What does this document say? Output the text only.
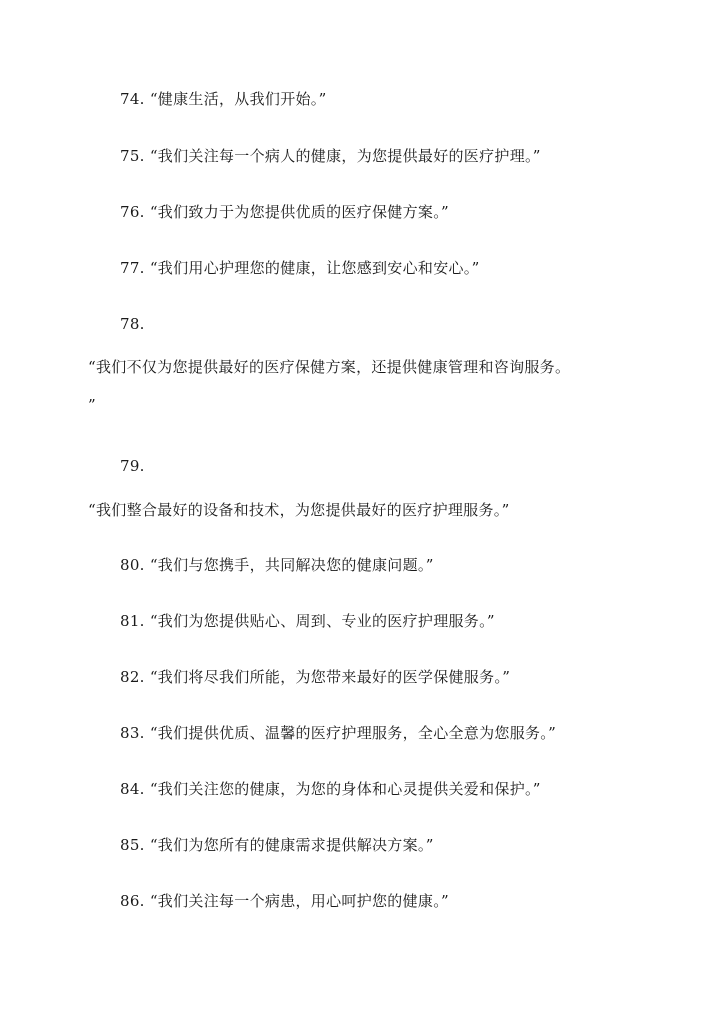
74. “健康生活，从我们开始。”
75. “我们关注每一个病人的健康，为您提供最好的医疗护理。”
76. “我们致力于为您提供优质的医疗保健方案。”
77. “我们用心护理您的健康，让您感到安心和安心。”
78.
“我们不仅为您提供最好的医疗保健方案，还提供健康管理和咨询服务。
”
79.
“我们整合最好的设备和技术，为您提供最好的医疗护理服务。”
80. “我们与您携手，共同解决您的健康问题。”
81. “我们为您提供贴心、周到、专业的医疗护理服务。”
82. “我们将尽我们所能，为您带来最好的医学保健服务。”
83. “我们提供优质、温馨的医疗护理服务，全心全意为您服务。”
84. “我们关注您的健康，为您的身体和心灵提供关爱和保护。”
85. “我们为您所有的健康需求提供解决方案。”
86. “我们关注每一个病患，用心呵护您的健康。”
